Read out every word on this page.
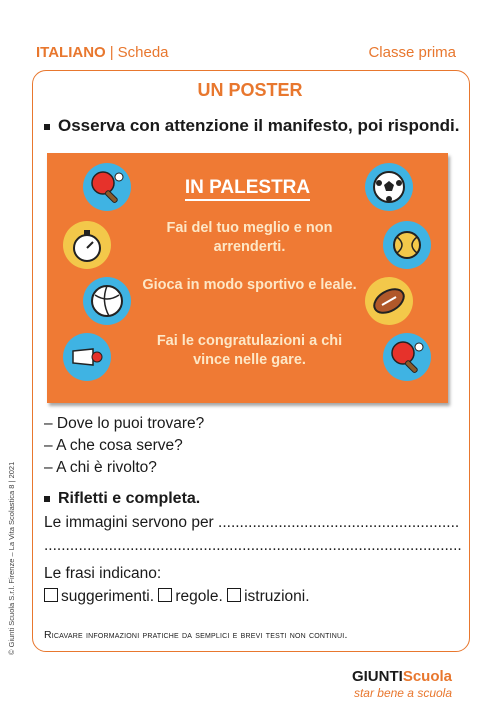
ITALIANO | Scheda	Classe prima
UN POSTER
Osserva con attenzione il manifesto, poi rispondi.
IN PALESTRA
Fai del tuo meglio e non arrenderti.
Gioca in modo sportivo e leale.
Fai le congratulazioni a chi vince nelle gare.
– Dove lo puoi trovare?
– A che cosa serve?
– A chi è rivolto?
Rifletti e completa.
Le immagini servono per ........................................................
.................................................................................................
Le frasi indicano:
suggerimenti. regole. istruzioni.
Ricavare informazioni pratiche da semplici e brevi testi non continui.
© Giunti Scuola S.r.l. Firenze – La Vita Scolastica 8 | 2021
GIUNTIScuola
star bene a scuola
